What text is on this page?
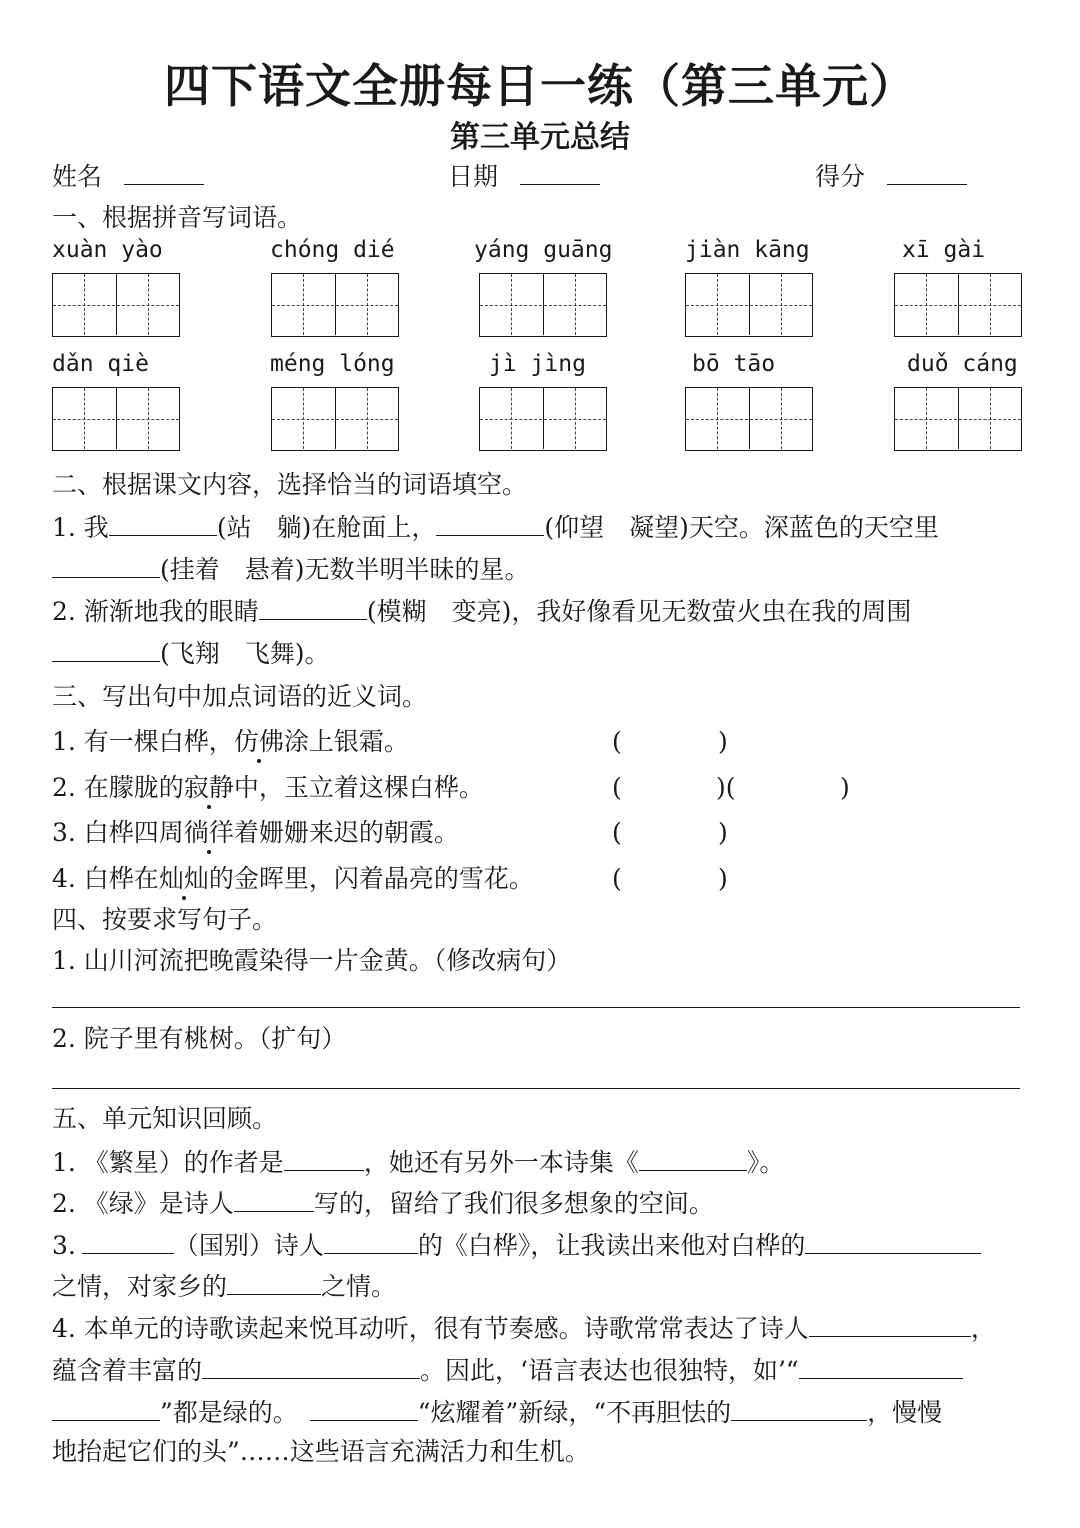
四下语文全册每日一练（第三单元）
第三单元总结
姓名	日期	得分
一、根据拼音写词语。
xuàn yào	chóng dié	yáng guāng	jiàn kāng	xī gài
dǎn qiè	méng lóng	jì jìng	bō tāo	duǒ cáng
二、根据课文内容，选择恰当的词语填空。
1. 我	(站　躺)在舱面上，	(仰望　凝望)天空。深蓝色的天空里
(挂着　悬着)无数半明半昧的星。
2. 渐渐地我的眼睛	(模糊　变亮)，我好像看见无数萤火虫在我的周围
(飞翔　飞舞)。
三、写出句中加点词语的近义词。
1. 有一棵白桦，仿佛涂上银霜。	(	)
2. 在朦胧的寂静中，玉立着这棵白桦。	(	)(	)
3. 白桦四周徜徉着姗姗来迟的朝霞。	(	)
4. 白桦在灿灿的金晖里，闪着晶亮的雪花。	(	)
四、按要求写句子。
1. 山川河流把晚霞染得一片金黄。（修改病句）
2. 院子里有桃树。（扩句）
五、单元知识回顾。
1. 《繁星）的作者是	，她还有另外一本诗集《	》。
2. 《绿》是诗人	写的，留给了我们很多想象的空间。
3.	（国别）诗人	的《白桦》，让我读出来他对白桦的
之情，对家乡的	之情。
4. 本单元的诗歌读起来悦耳动听，很有节奏感。诗歌常常表达了诗人	，
蕴含着丰富的	。因此，‘语言表达也很独特，如’“
”都是绿的。	“炫耀着”新绿，“不再胆怯的	，慢慢
地抬起它们的头”……这些语言充满活力和生机。
